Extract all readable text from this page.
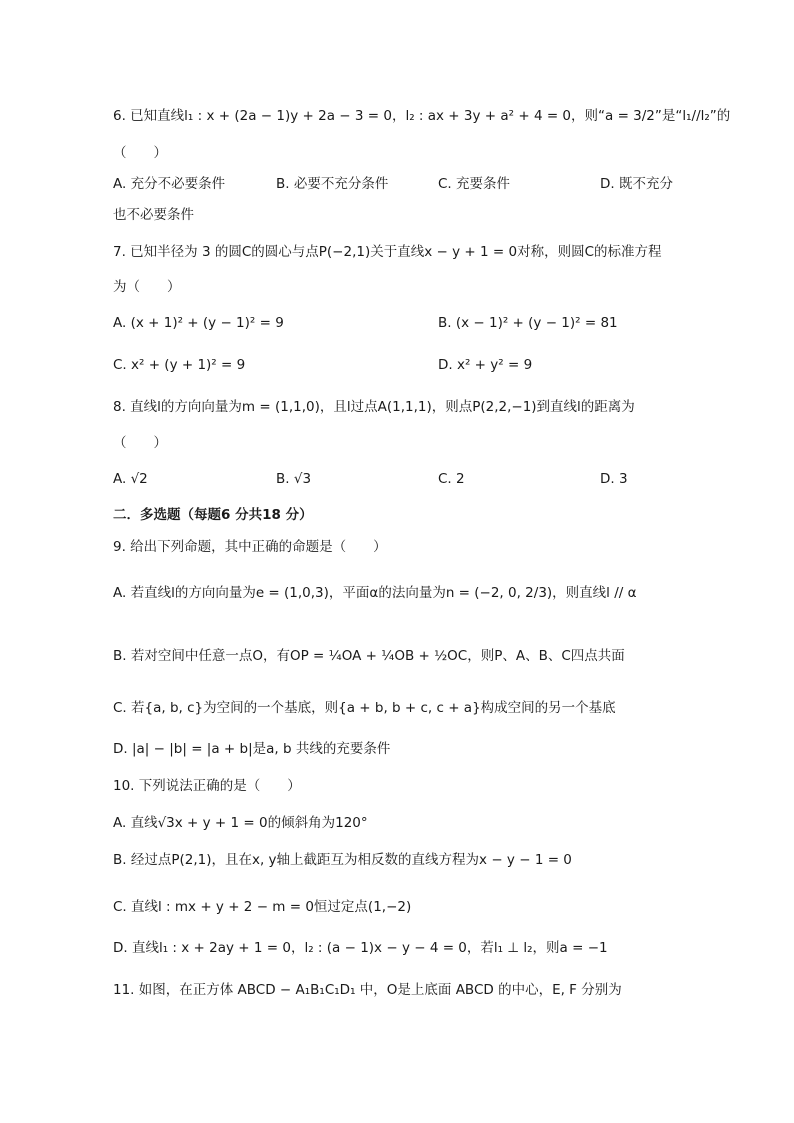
6. 已知直线l₁ : x + (2a − 1)y + 2a − 3 = 0，l₂ : ax + 3y + a² + 4 = 0，则“a = 3/2”是“l₁//l₂”的
（　　）
A. 充分不必要条件	B. 必要不充分条件	C. 充要条件	D. 既不充分
也不必要条件
7. 已知半径为 3 的圆C的圆心与点P(−2,1)关于直线x − y + 1 = 0对称，则圆C的标准方程
为（　　）
A. (x + 1)² + (y − 1)² = 9	B. (x − 1)² + (y − 1)² = 81
C. x² + (y + 1)² = 9	D. x² + y² = 9
8. 直线l的方向向量为m = (1,1,0)，且l过点A(1,1,1)，则点P(2,2,−1)到直线l的距离为
（　　）
A. √2	B. √3	C. 2	D. 3
二．多选题（每题6 分共18 分）
9. 给出下列命题，其中正确的命题是（　　）
A. 若直线l的方向向量为e = (1,0,3)，平面α的法向量为n = (−2, 0, 2/3)，则直线l // α
B. 若对空间中任意一点O，有OP = ¼OA + ¼OB + ½OC，则P、A、B、C四点共面
C. 若{a, b, c}为空间的一个基底，则{a + b, b + c, c + a}构成空间的另一个基底
D. |a| − |b| = |a + b|是a, b 共线的充要条件
10. 下列说法正确的是（　　）
A. 直线√3x + y + 1 = 0的倾斜角为120°
B. 经过点P(2,1)，且在x, y轴上截距互为相反数的直线方程为x − y − 1 = 0
C. 直线l : mx + y + 2 − m = 0恒过定点(1,−2)
D. 直线l₁ : x + 2ay + 1 = 0，l₂ : (a − 1)x − y − 4 = 0，若l₁ ⊥ l₂，则a = −1
11. 如图，在正方体 ABCD − A₁B₁C₁D₁ 中，O是上底面 ABCD 的中心，E, F 分别为
